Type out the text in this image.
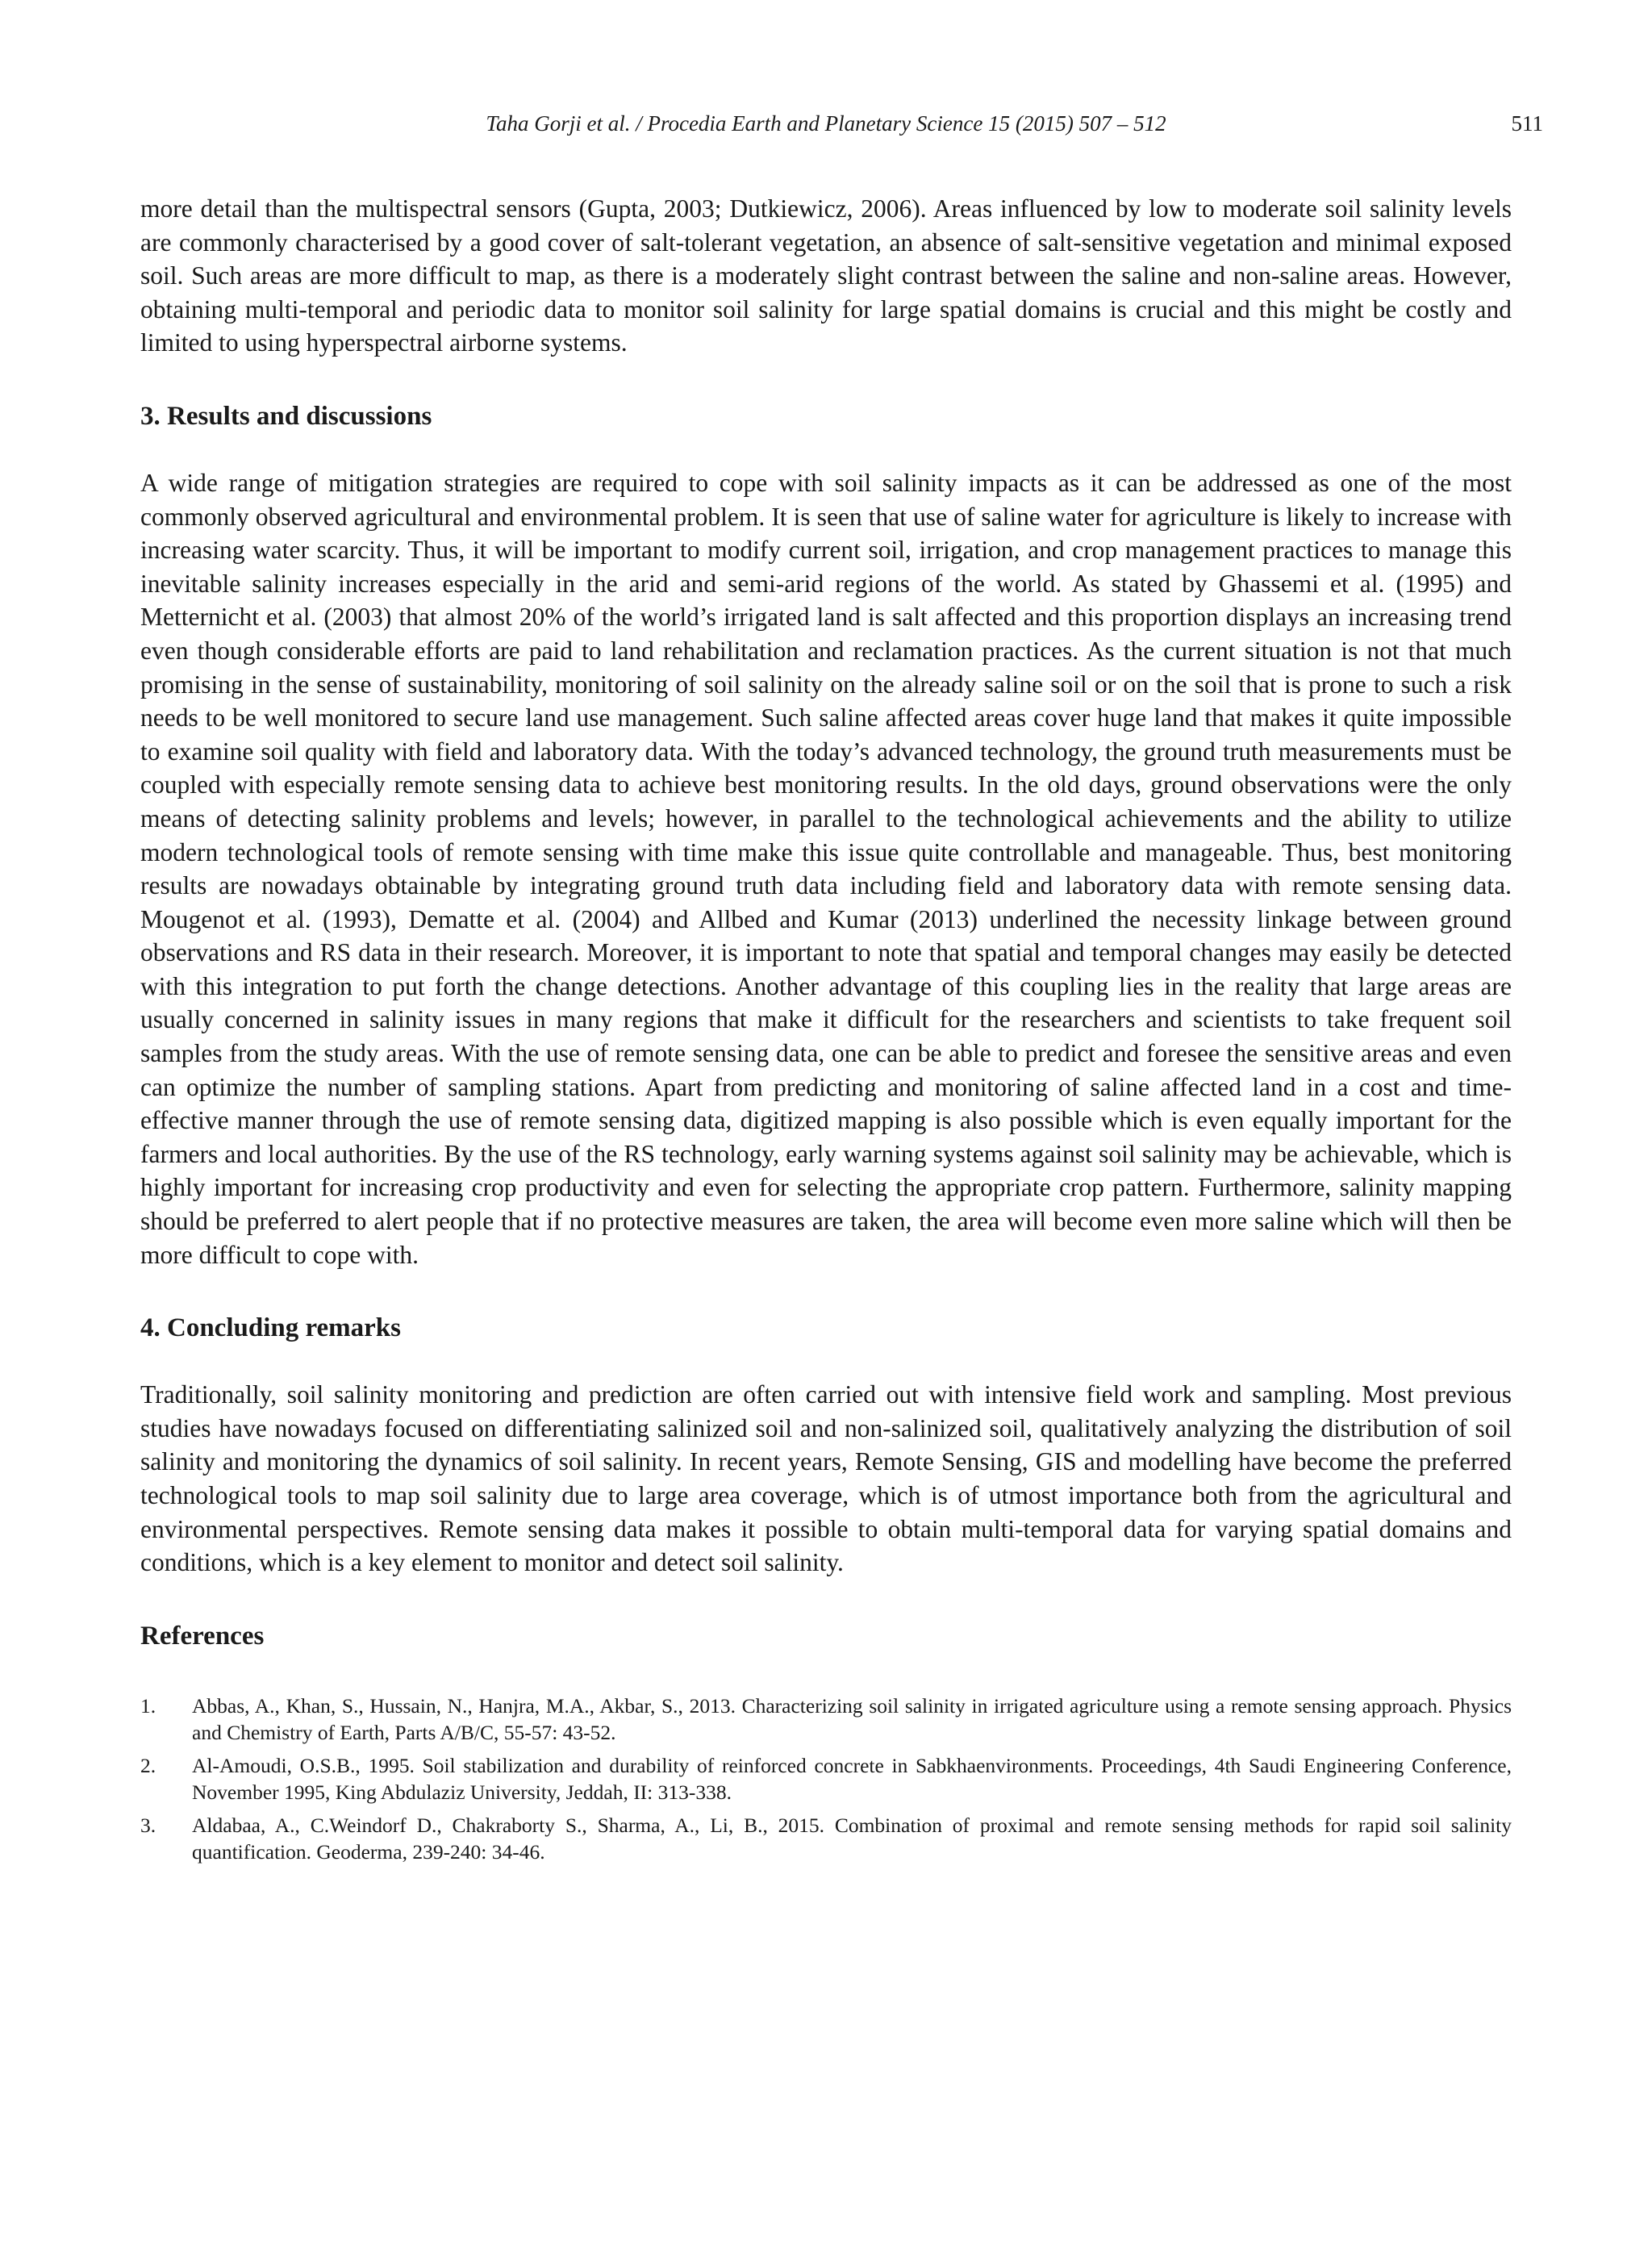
Taha Gorji et al. / Procedia Earth and Planetary Science 15 (2015) 507 – 512	511

more detail than the multispectral sensors (Gupta, 2003; Dutkiewicz, 2006). Areas influenced by low to moderate soil salinity levels are commonly characterised by a good cover of salt-tolerant vegetation, an absence of salt-sensitive vegetation and minimal exposed soil. Such areas are more difficult to map, as there is a moderately slight contrast between the saline and non-saline areas. However, obtaining multi-temporal and periodic data to monitor soil salinity for large spatial domains is crucial and this might be costly and limited to using hyperspectral airborne systems.

3. Results and discussions

A wide range of mitigation strategies are required to cope with soil salinity impacts as it can be addressed as one of the most commonly observed agricultural and environmental problem. It is seen that use of saline water for agriculture is likely to increase with increasing water scarcity. Thus, it will be important to modify current soil, irrigation, and crop management practices to manage this inevitable salinity increases especially in the arid and semi-arid regions of the world. As stated by Ghassemi et al. (1995) and Metternicht et al. (2003) that almost 20% of the world’s irrigated land is salt affected and this proportion displays an increasing trend even though considerable efforts are paid to land rehabilitation and reclamation practices. As the current situation is not that much promising in the sense of sustainability, monitoring of soil salinity on the already saline soil or on the soil that is prone to such a risk needs to be well monitored to secure land use management. Such saline affected areas cover huge land that makes it quite impossible to examine soil quality with field and laboratory data. With the today’s advanced technology, the ground truth measurements must be coupled with especially remote sensing data to achieve best monitoring results. In the old days, ground observations were the only means of detecting salinity problems and levels; however, in parallel to the technological achievements and the ability to utilize modern technological tools of remote sensing with time make this issue quite controllable and manageable. Thus, best monitoring results are nowadays obtainable by integrating ground truth data including field and laboratory data with remote sensing data. Mougenot et al. (1993), Dematte et al. (2004) and Allbed and Kumar (2013) underlined the necessity linkage between ground observations and RS data in their research. Moreover, it is important to note that spatial and temporal changes may easily be detected with this integration to put forth the change detections. Another advantage of this coupling lies in the reality that large areas are usually concerned in salinity issues in many regions that make it difficult for the researchers and scientists to take frequent soil samples from the study areas. With the use of remote sensing data, one can be able to predict and foresee the sensitive areas and even can optimize the number of sampling stations. Apart from predicting and monitoring of saline affected land in a cost and time-effective manner through the use of remote sensing data, digitized mapping is also possible which is even equally important for the farmers and local authorities. By the use of the RS technology, early warning systems against soil salinity may be achievable, which is highly important for increasing crop productivity and even for selecting the appropriate crop pattern. Furthermore, salinity mapping should be preferred to alert people that if no protective measures are taken, the area will become even more saline which will then be more difficult to cope with.

4. Concluding remarks

Traditionally, soil salinity monitoring and prediction are often carried out with intensive field work and sampling. Most previous studies have nowadays focused on differentiating salinized soil and non-salinized soil, qualitatively analyzing the distribution of soil salinity and monitoring the dynamics of soil salinity. In recent years, Remote Sensing, GIS and modelling have become the preferred technological tools to map soil salinity due to large area coverage, which is of utmost importance both from the agricultural and environmental perspectives. Remote sensing data makes it possible to obtain multi-temporal data for varying spatial domains and conditions, which is a key element to monitor and detect soil salinity.

References
1. Abbas, A., Khan, S., Hussain, N., Hanjra, M.A., Akbar, S., 2013. Characterizing soil salinity in irrigated agriculture using a remote sensing approach. Physics and Chemistry of Earth, Parts A/B/C, 55-57: 43-52.
2. Al-Amoudi, O.S.B., 1995. Soil stabilization and durability of reinforced concrete in Sabkhaenvironments. Proceedings, 4th Saudi Engineering Conference, November 1995, King Abdulaziz University, Jeddah, II: 313-338.
3. Aldabaa, A., C.Weindorf D., Chakraborty S., Sharma, A., Li, B., 2015. Combination of proximal and remote sensing methods for rapid soil salinity quantification. Geoderma, 239-240: 34-46.
